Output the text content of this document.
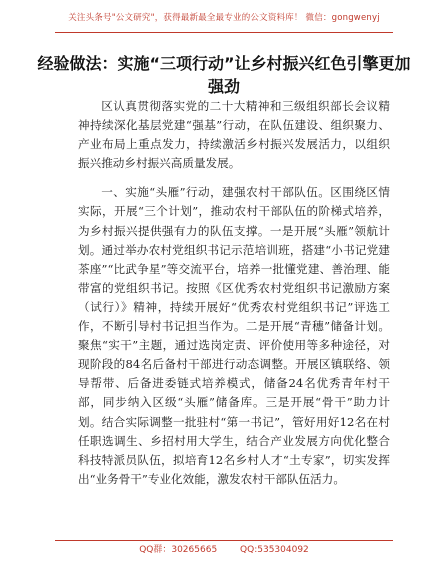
关注头条号"公文研究"，获得最新最全最专业的公文资料库！ 微信：gongwenyj
经验做法：实施“三项行动”让乡村振兴红色引擎更加强劲

区认真贯彻落实党的二十大精神和三级组织部长会议精神持续深化基层党建“强基”行动，在队伍建设、组织聚力、产业布局上重点发力，持续激活乡村振兴发展活力，以组织振兴推动乡村振兴高质量发展。

一、实施“头雁”行动，建强农村干部队伍。区围绕区情实际，开展“三个计划”，推动农村干部队伍的阶梯式培养，为乡村振兴提供强有力的队伍支撑。一是开展“头雁”领航计划。通过举办农村党组织书记示范培训班，搭建“小书记党建茶座”“比武争星”等交流平台，培养一批懂党建、善治理、能带富的党组织书记。按照《区优秀农村党组织书记激励方案（试行）》精神，持续开展好“优秀农村党组织书记”评选工作，不断引导村书记担当作为。二是开展“青穗”储备计划。聚焦“实干”主题，通过选岗定责、评价使用等多种途径，对现阶段的84名后备村干部进行动态调整。开展区镇联络、领导帮带、后备进委链式培养模式，储备24名优秀青年村干部，同步纳入区级“头雁”储备库。三是开展“骨干”助力计划。结合实际调整一批驻村“第一书记”，管好用好12名在村任职选调生、乡招村用大学生，结合产业发展方向优化整合科技特派员队伍，拟培育12名乡村人才“土专家”，切实发挥出“业务骨干”专业化效能，激发农村干部队伍活力。

QQ群：30265665	QQ:535304092
